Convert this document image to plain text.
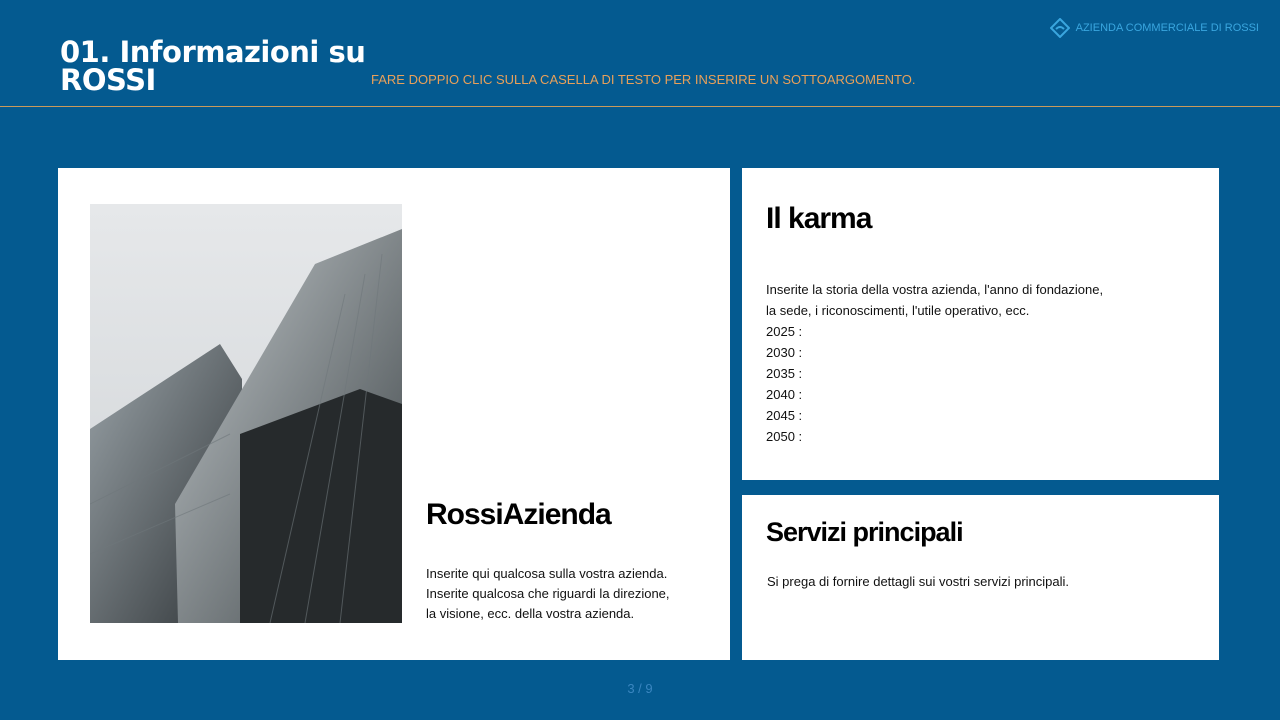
01. Informazioni su
ROSSI	FARE DOPPIO CLIC SULLA CASELLA DI TESTO PER INSERIRE UN SOTTOARGOMENTO.
AZIENDA COMMERCIALE DI ROSSI
RossiAzienda
Inserite qui qualcosa sulla vostra azienda.
Inserite qualcosa che riguardi la direzione,
la visione, ecc. della vostra azienda.
Il karma
Inserite la storia della vostra azienda, l'anno di fondazione,
la sede, i riconoscimenti, l'utile operativo, ecc.
2025 :
2030 :
2035 :
2040 :
2045 :
2050 :
Servizi principali
Si prega di fornire dettagli sui vostri servizi principali.
3 / 9
